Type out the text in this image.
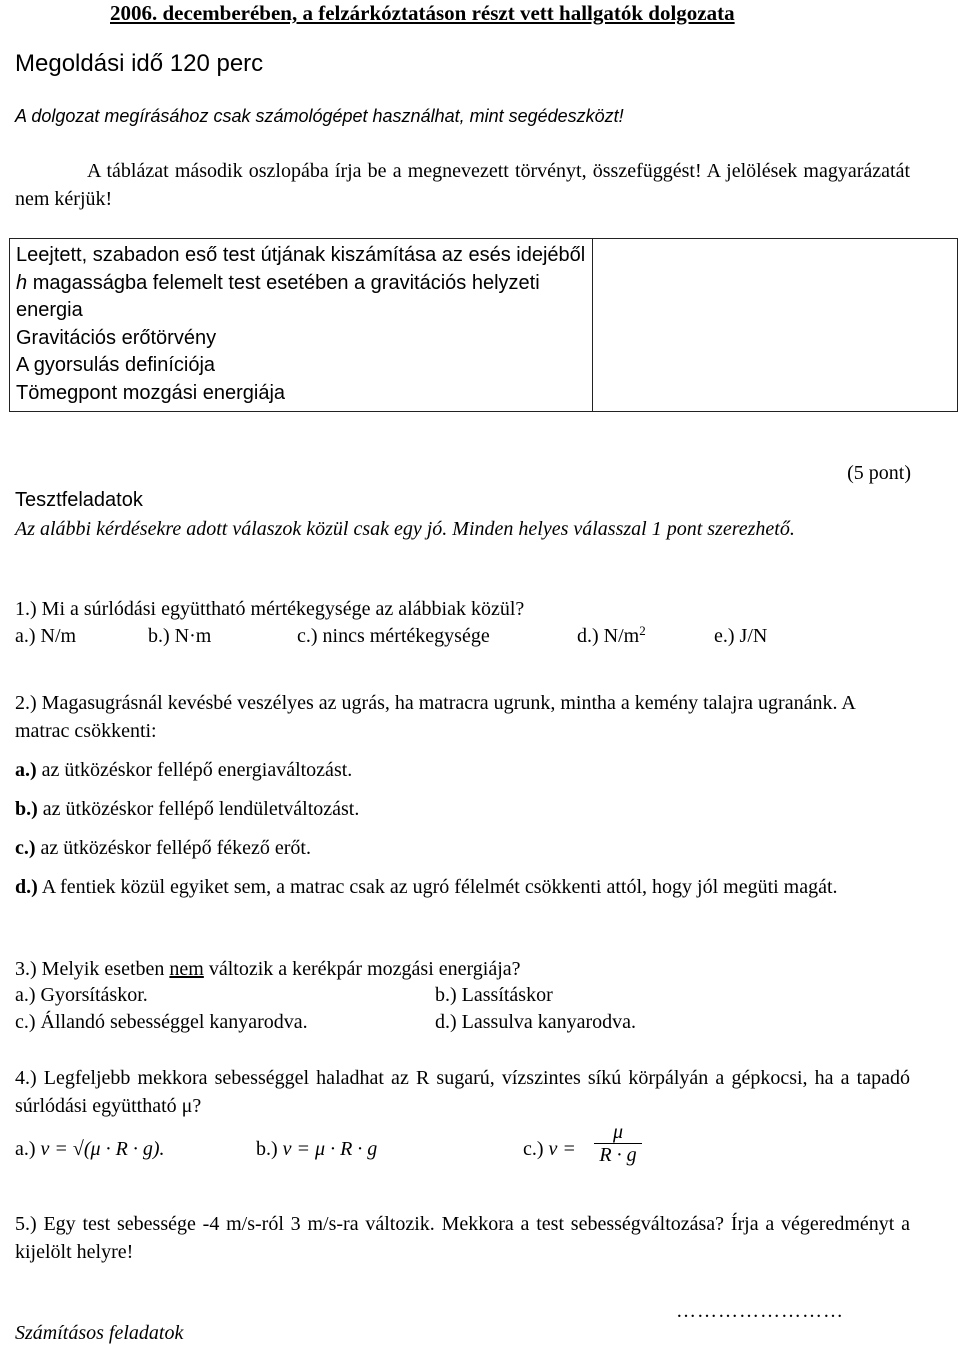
2006. decemberében, a felzárkóztatáson részt vett hallgatók dolgozata
Megoldási idő 120 perc
A dolgozat megírásához csak számológépet használhat, mint segédeszközt!
A táblázat második oszlopába írja be a megnevezett törvényt, összefüggést! A jelölések magyarázatát nem kérjük!
Leejtett, szabadon eső test útjának kiszámítása az esés idejéből
h magasságba felemelt test esetében a gravitációs helyzeti energia
Gravitációs erőtörvény
A gyorsulás definíciója
Tömegpont mozgási energiája

(5 pont)
Tesztfeladatok
Az alábbi kérdésekre adott válaszok közül csak egy jó. Minden helyes válasszal 1 pont szerezhető.
1.) Mi a súrlódási együttható mértékegysége az alábbiak közül?
a.) N/m	b.) N·m	c.) nincs mértékegysége	d.) $N/m^2$	e.) J/N
2.) Magasugrásnál kevésbé veszélyes az ugrás, ha matracra ugrunk, mintha a kemény talajra ugranánk. A matrac csökkenti:
a.) az ütközéskor fellépő energiaváltozást.
b.) az ütközéskor fellépő lendületváltozást.
c.) az ütközéskor fellépő fékező erőt.
d.) A fentiek közül egyiket sem, a matrac csak az ugró félelmét csökkenti attól, hogy jól megüti magát.
3.) Melyik esetben nem változik a kerékpár mozgási energiája?
a.) Gyorsításkor.	b.) Lassításkor
c.) Állandó sebességgel kanyarodva.	d.) Lassulva kanyarodva.
4.) Legfeljebb mekkora sebességgel haladhat az R sugarú, vízszintes síkú körpályán a gépkocsi, ha a tapadó súrlódási együttható μ?
a.) v = √(μ · R · g).	b.) v = μ · R · g	c.) $v = \frac{\mu}{R \cdot g}$
5.) Egy test sebessége -4 m/s-ról 3 m/s-ra változik. Mekkora a test sebességváltozása? Írja a végeredményt a kijelölt helyre!
……………………
Számításos feladatok
